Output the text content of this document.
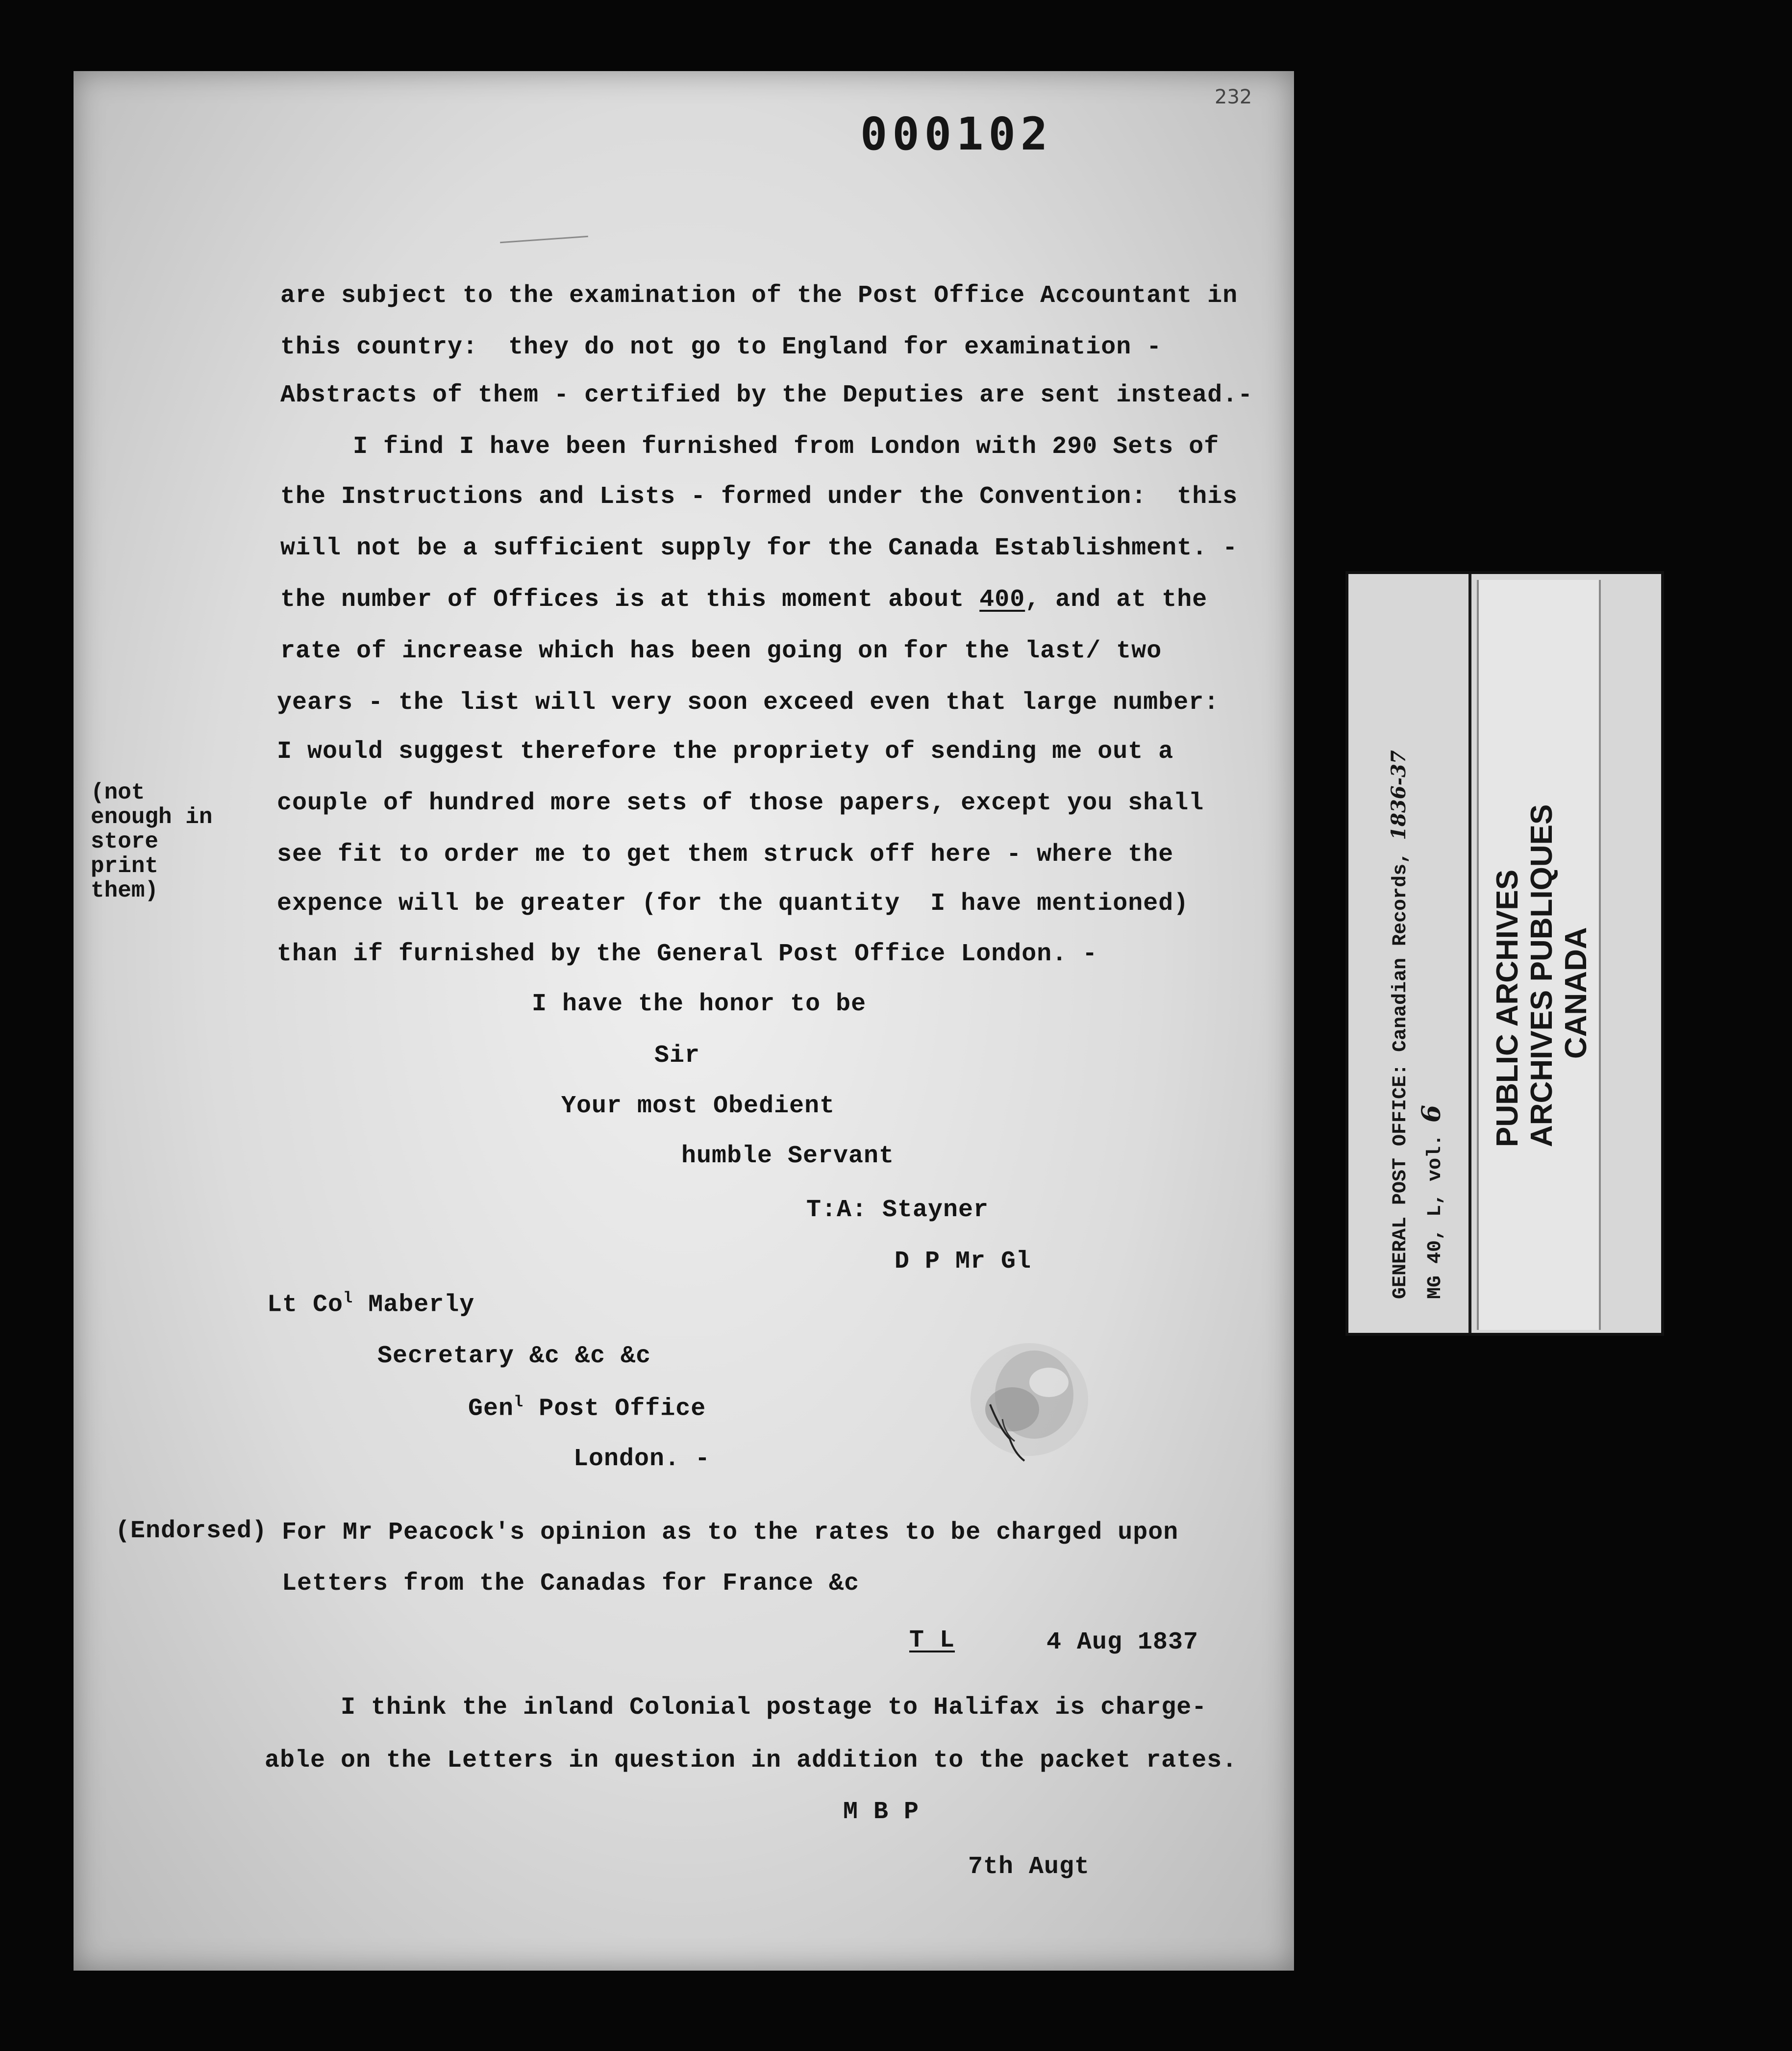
232
000102
are subject to the examination of the Post Office Accountant in
this country:  they do not go to England for examination -
Abstracts of them - certified by the Deputies are sent instead.-
I find I have been furnished from London with 290 Sets of
the Instructions and Lists - formed under the Convention:  this
will not be a sufficient supply for the Canada Establishment. -
the number of Offices is at this moment about 400, and at the
rate of increase which has been going on for the last/ two
years - the list will very soon exceed even that large number:
I would suggest therefore the propriety of sending me out a
couple of hundred more sets of those papers, except you shall
see fit to order me to get them struck off here - where the
expence will be greater (for the quantity  I have mentioned)
than if furnished by the General Post Office London. -
(not
enough in
store
print
them)
I have the honor to be
Sir
Your most Obedient
humble Servant
T:A: Stayner
D P Mr Gl
Lt Co$^l$ Maberly
Secretary &c &c &c
Gen$^l$ Post Office
London. -
(Endorsed) For Mr Peacock's opinion as to the rates to be charged upon
Letters from the Canadas for France &c
T L	4 Aug 1837
I think the inland Colonial postage to Halifax is charge-
able on the Letters in question in addition to the packet rates.
M B P
7th Augt
GENERAL POST OFFICE: Canadian Records, 1836-37
MG 40, L, vol. 6 PUBLIC ARCHIVES ARCHIVES PUBLIQUES CANADA
